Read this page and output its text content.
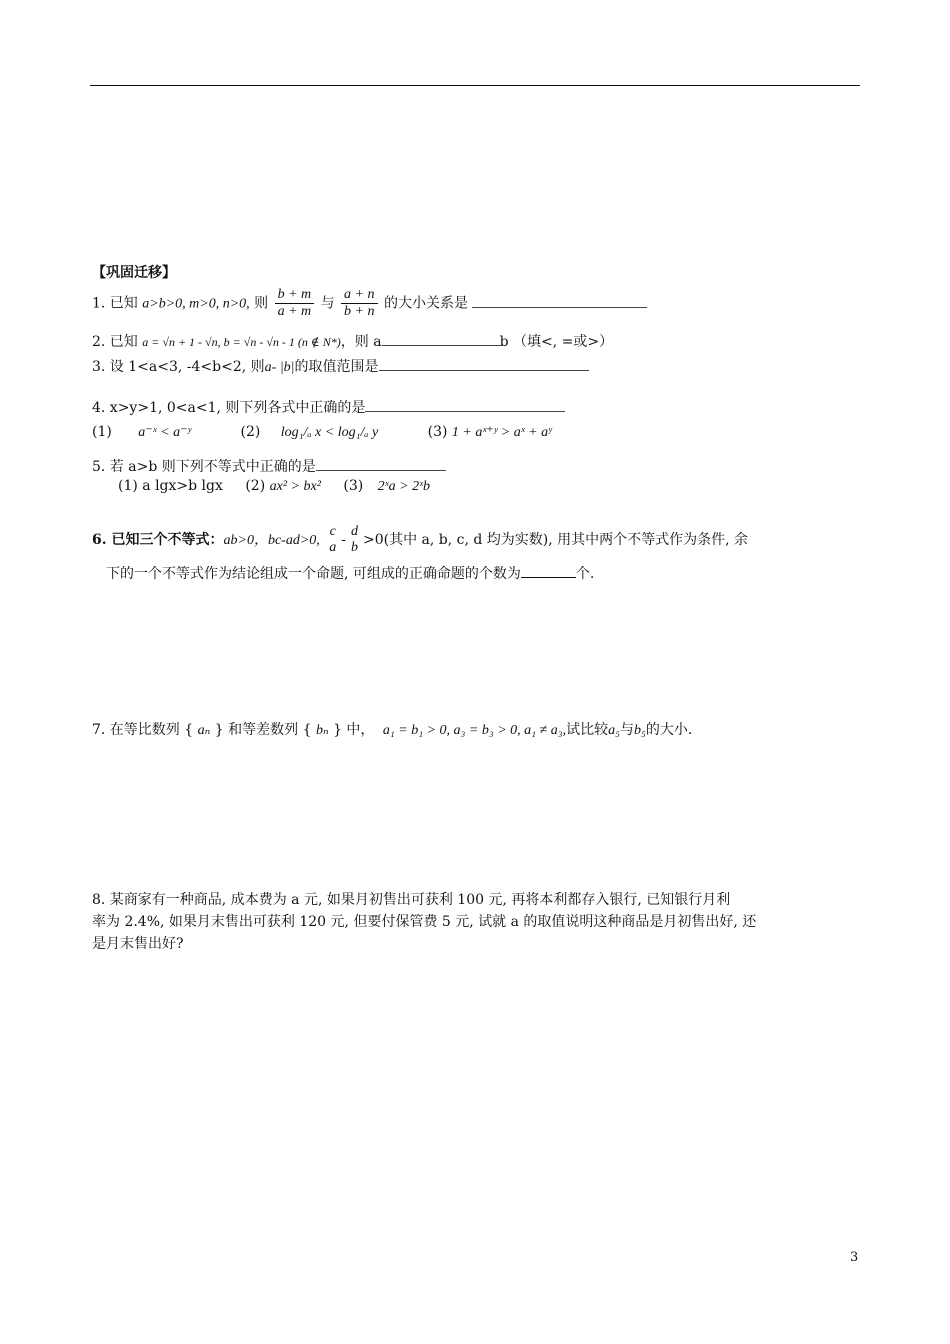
【巩固迁移】
1. 已知 a>b>0, m>0, n>0, 则 $\frac{b + m}{a + m}$ 与 $\frac{a + n}{b + n}$ 的大小关系是
2. 已知 a = √n + 1 - √n, b = √n - √n - 1 (n ∉ N*)，则 a	b （填<, =或>）
3. 设 1<a<3, -4<b<2, 则a- |b|的取值范围是
4. x>y>1, 0<a<1, 则下列各式中正确的是
(1) a⁻ˣ < a⁻ʸ	(2) log₁/ₐ x < log₁/ₐ y	(3) 1 + aˣ⁺ʸ > aˣ + aʸ
5. 若 a>b 则下列不等式中正确的是
(1) a lgx>b lgx (2) ax² > bx² (3) 2ˣa > 2ˣb
6. 已知三个不等式：ab>0，bc-ad>0,
c
a -
d
b >0(其中 a, b, c, d 均为实数), 用其中两个不等式作为条件, 余
下的一个不等式作为结论组成一个命题, 可组成的正确命题的个数为	个.
7. 在等比数列 { aₙ } 和等差数列 { bₙ } 中， a₁ = b₁ > 0, a₃ = b₃ > 0, a₁ ≠ a₃,试比较a₅与b₅的大小.
8. 某商家有一种商品, 成本费为 a 元, 如果月初售出可获利 100 元, 再将本利都存入银行, 已知银行月利
率为 2.4%, 如果月末售出可获利 120 元, 但要付保管费 5 元, 试就 a 的取值说明这种商品是月初售出好, 还
是月末售出好?
3
